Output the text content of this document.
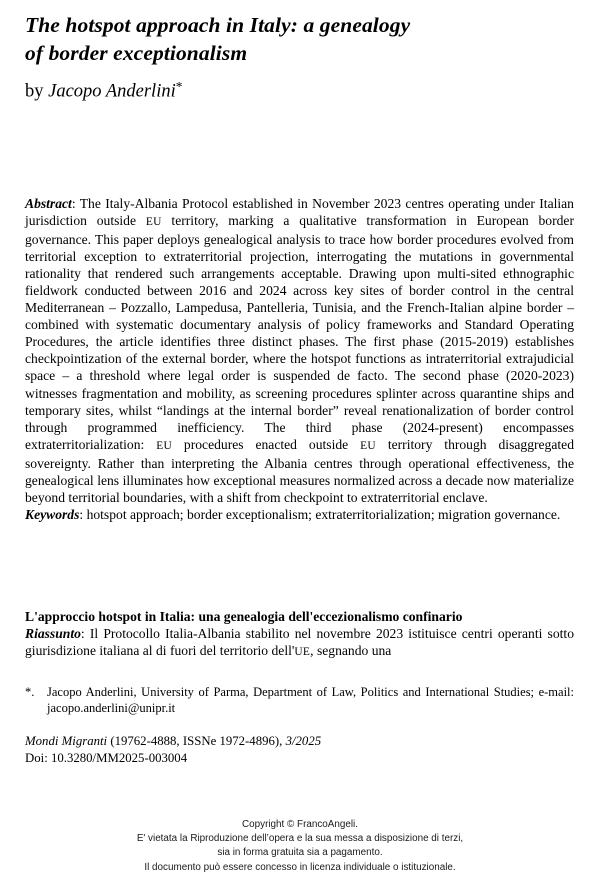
The hotspot approach in Italy: a genealogy
of border exceptionalism

by Jacopo Anderlini*

Abstract: The Italy-Albania Protocol established in November 2023 centres operating under Italian jurisdiction outside EU territory, marking a qualitative transformation in European border governance. This paper deploys genealogical analysis to trace how border procedures evolved from territorial exception to extraterritorial projection, interrogating the mutations in governmental rationality that rendered such arrangements acceptable. Drawing upon multi-sited ethnographic fieldwork conducted between 2016 and 2024 across key sites of border control in the central Mediterranean – Pozzallo, Lampedusa, Pantelleria, Tunisia, and the French-Italian alpine border – combined with systematic documentary analysis of policy frameworks and Standard Operating Procedures, the article identifies three distinct phases. The first phase (2015-2019) establishes checkpointization of the external border, where the hotspot functions as intraterritorial extrajudicial space – a threshold where legal order is suspended de facto. The second phase (2020-2023) witnesses fragmentation and mobility, as screening procedures splinter across quarantine ships and temporary sites, whilst “landings at the internal border” reveal renationalization of border control through programmed inefficiency. The third phase (2024-present) encompasses extraterritorialization: EU procedures enacted outside EU territory through disaggregated sovereignty. Rather than interpreting the Albania centres through operational effectiveness, the genealogical lens illuminates how exceptional measures normalized across a decade now materialize beyond territorial boundaries, with a shift from checkpoint to extraterritorial enclave.

Keywords: hotspot approach; border exceptionalism; extraterritorialization; migration governance.

L'approccio hotspot in Italia: una genealogia dell'eccezionalismo confinario

Riassunto: Il Protocollo Italia-Albania stabilito nel novembre 2023 istituisce centri operanti sotto giurisdizione italiana al di fuori del territorio dell'UE, segnando una

*. Jacopo Anderlini, University of Parma, Department of Law, Politics and International Studies; e-mail: jacopo.anderlini@unipr.it

Mondi Migranti (19762-4888, ISSNe 1972-4896), 3/2025

Doi: 10.3280/MM2025-003004

Copyright © FrancoAngeli.

E' vietata la Riproduzione dell’opera e la sua messa a disposizione di terzi,

sia in forma gratuita sia a pagamento.

Il documento può essere concesso in licenza individuale o istituzionale.
